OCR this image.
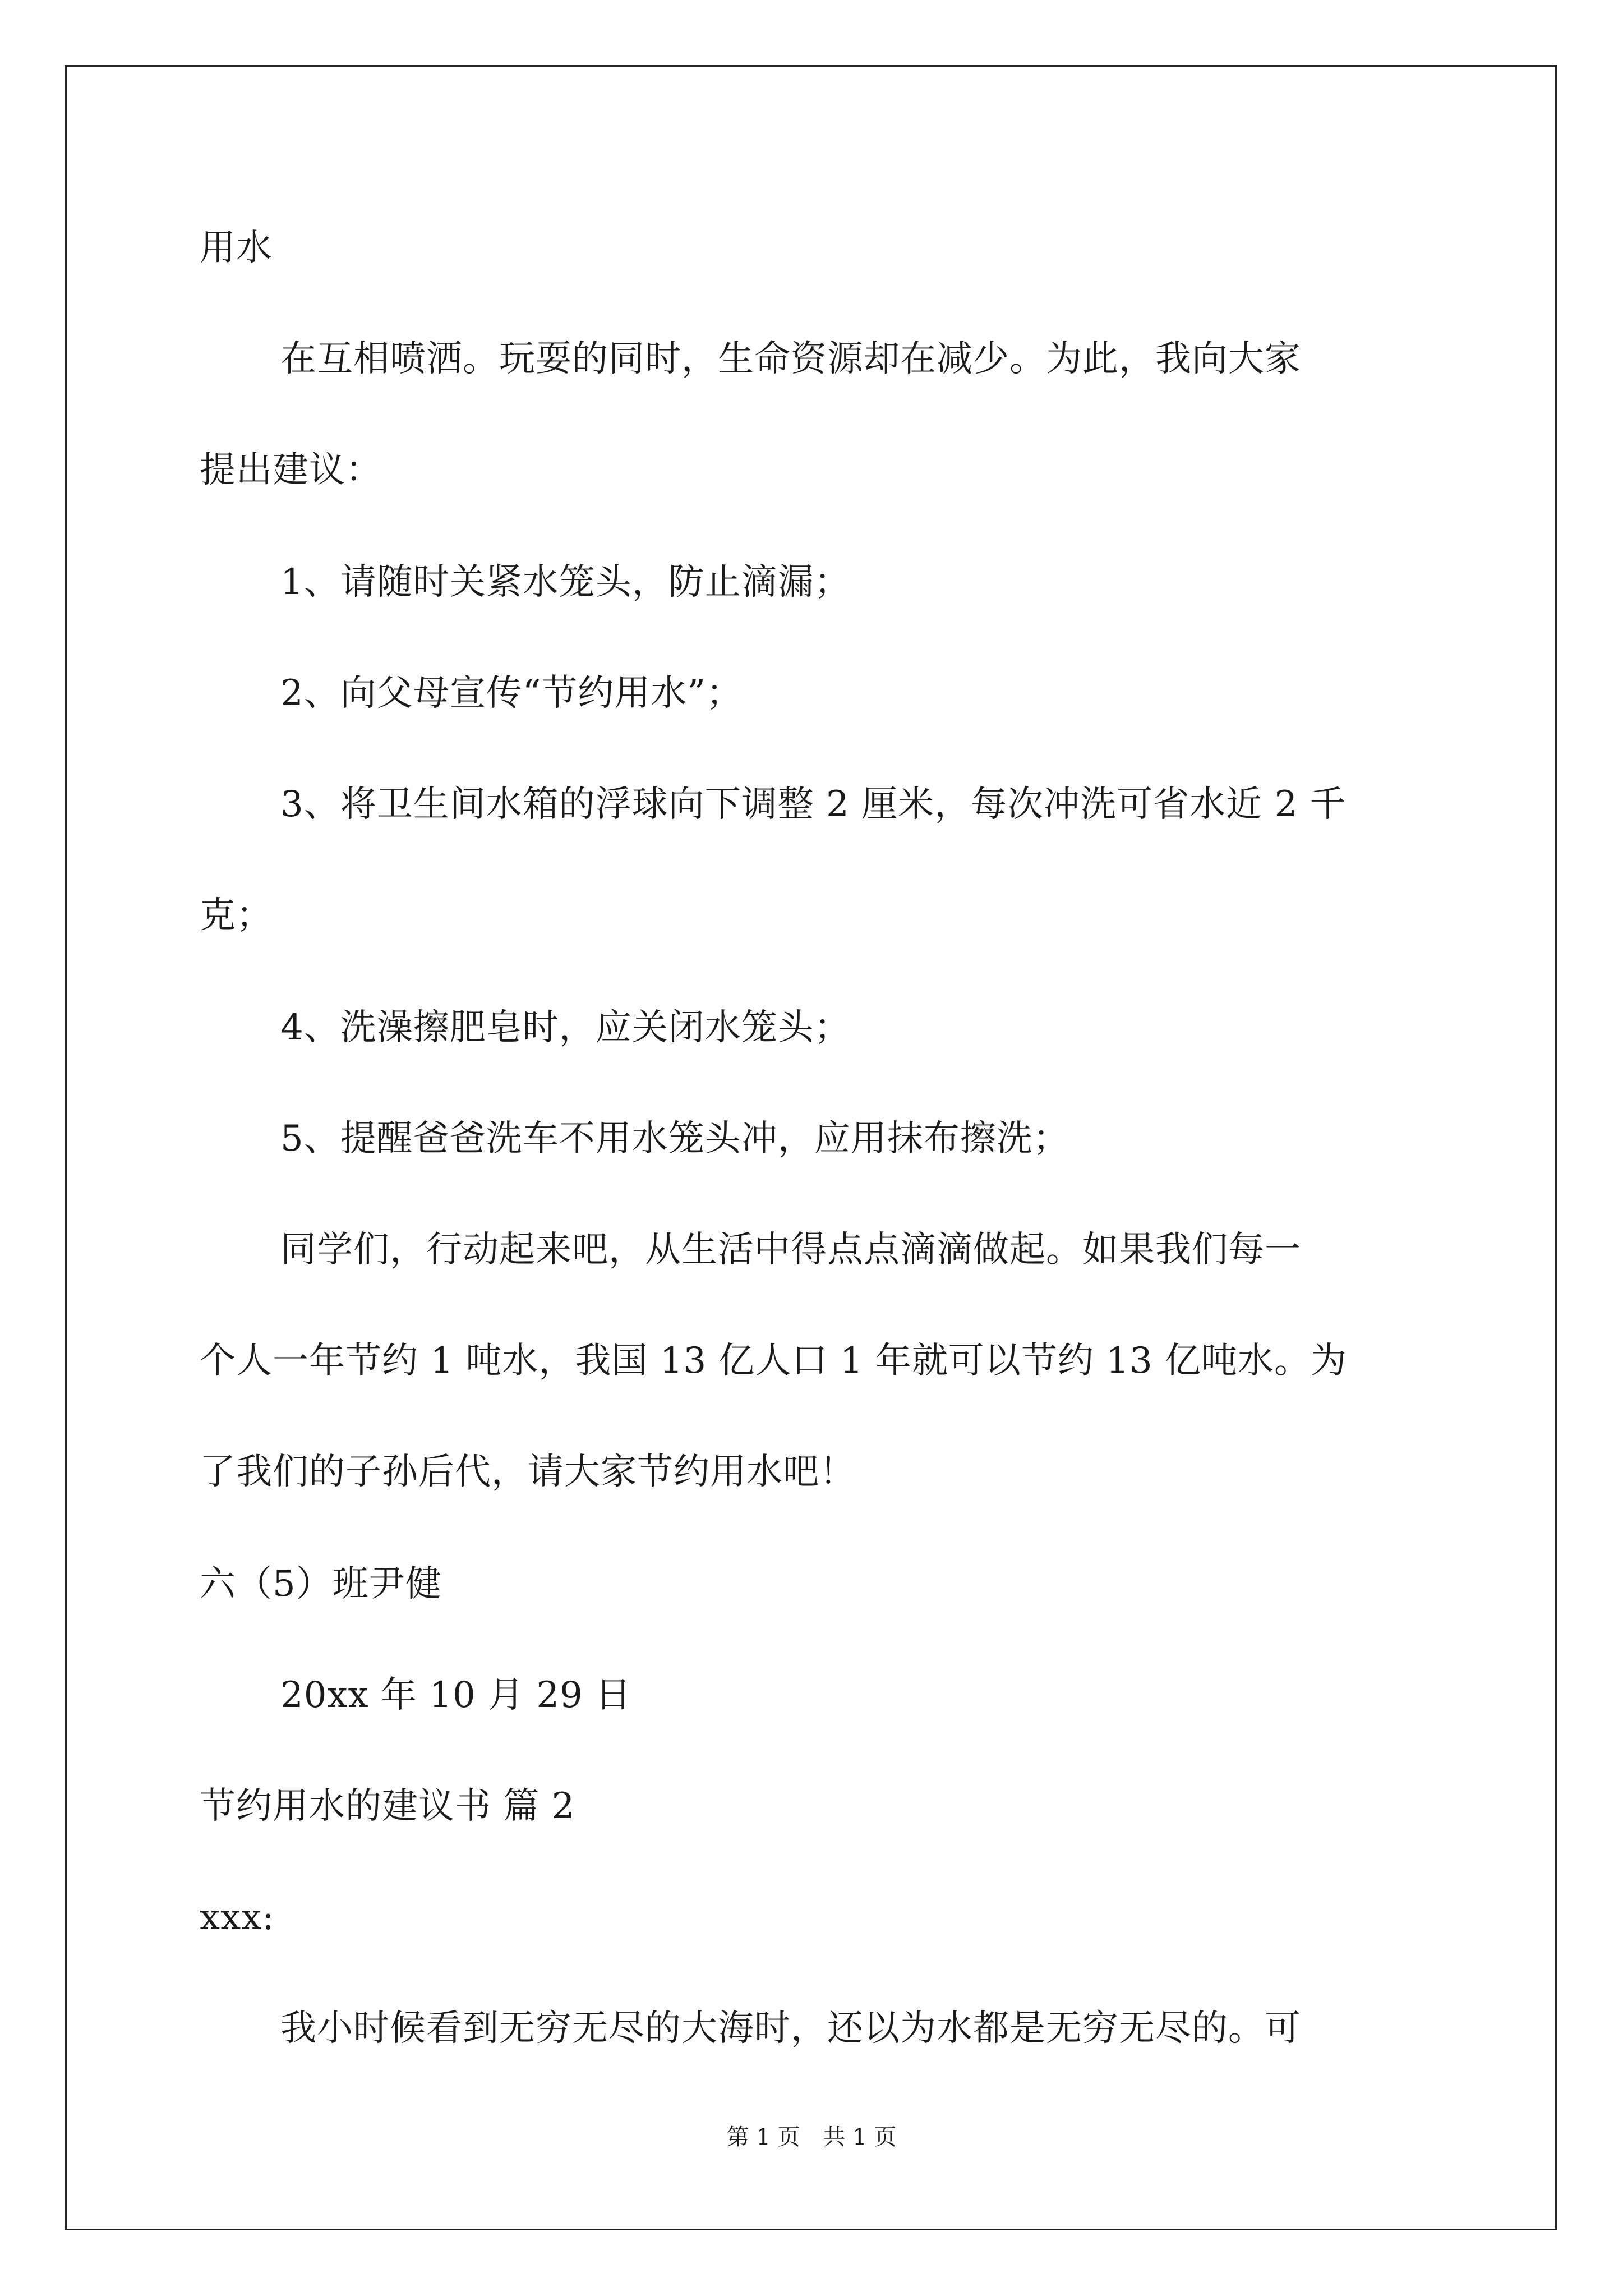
用水
在互相喷洒。玩耍的同时，生命资源却在减少。为此，我向大家
提出建议：
1、请随时关紧水笼头，防止滴漏；
2、向父母宣传“节约用水”；
3、将卫生间水箱的浮球向下调整 2 厘米，每次冲洗可省水近 2 千
克；
4、洗澡擦肥皂时，应关闭水笼头；
5、提醒爸爸洗车不用水笼头冲，应用抹布擦洗；
同学们，行动起来吧，从生活中得点点滴滴做起。如果我们每一
个人一年节约 1 吨水，我国 13 亿人口 1 年就可以节约 13 亿吨水。为
了我们的子孙后代，请大家节约用水吧！
六（5）班尹健
20xx 年 10 月 29 日
节约用水的建议书 篇 2
xxx:
我小时候看到无穷无尽的大海时，还以为水都是无穷无尽的。可
第 1 页 共 1 页
